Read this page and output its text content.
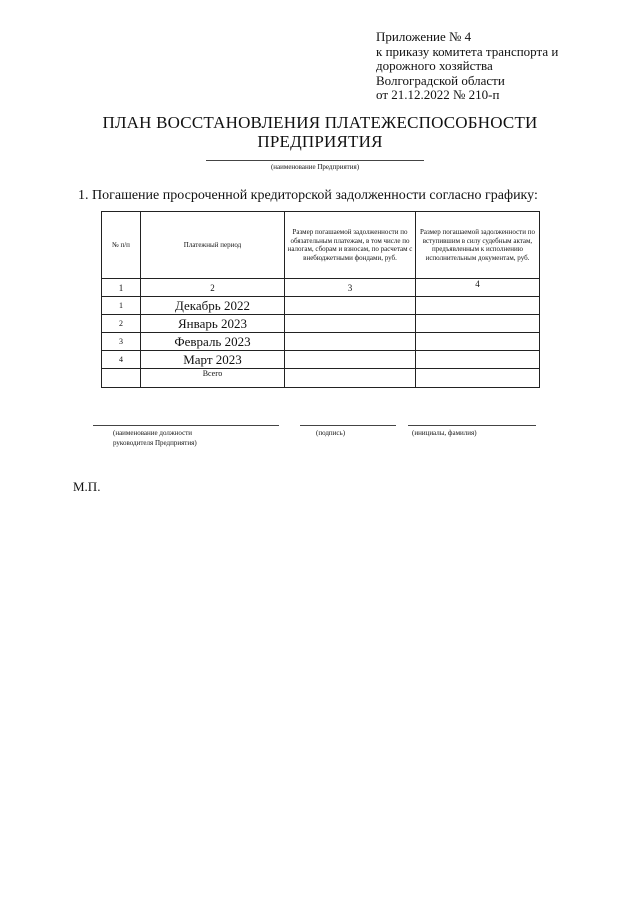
Приложение № 4
к приказу комитета транспорта и
дорожного хозяйства
Волгоградской области
от 21.12.2022 № 210-п
ПЛАН ВОССТАНОВЛЕНИЯ ПЛАТЕЖЕСПОСОБНОСТИ
ПРЕДПРИЯТИЯ
(наименование Предприятия)
1. Погашение просроченной кредиторской задолженности согласно графику:
№ п/п	Платежный период	Размер погашаемой задолженности по обязательным платежам, в том числе по налогам, сборам и взносам, по расчетам с внебюджетными фондами, руб.	Размер погашаемой задолженности по вступившим в силу судебным актам, предъявленным к исполнению исполнительным документам, руб.
1	2	3	4
1	Декабрь 2022		
2	Январь 2023		
3	Февраль 2023		
4	Март 2023		
	Всего		
(наименование должности
руководителя Предприятия)
(подпись)	(инициалы, фамилия)
М.П.
